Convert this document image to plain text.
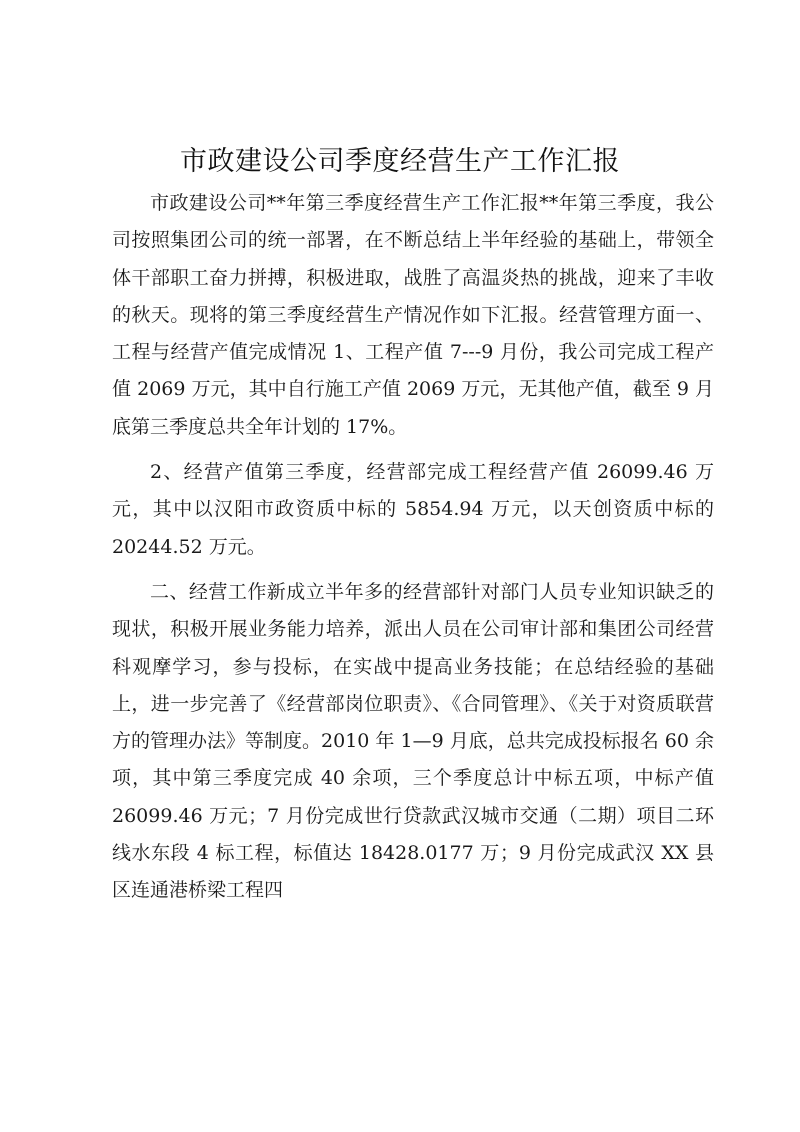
市政建设公司季度经营生产工作汇报

市政建设公司**年第三季度经营生产工作汇报**年第三季度，我公司按照集团公司的统一部署，在不断总结上半年经验的基础上，带领全体干部职工奋力拼搏，积极进取，战胜了高温炎热的挑战，迎来了丰收的秋天。现将的第三季度经营生产情况作如下汇报。经营管理方面一、工程与经营产值完成情况 1、工程产值 7---9 月份，我公司完成工程产值 2069 万元，其中自行施工产值 2069 万元，无其他产值，截至 9 月底第三季度总共全年计划的 17%。

2、经营产值第三季度，经营部完成工程经营产值 26099.46 万元，其中以汉阳市政资质中标的 5854.94 万元，以天创资质中标的 20244.52 万元。

二、经营工作新成立半年多的经营部针对部门人员专业知识缺乏的现状，积极开展业务能力培养，派出人员在公司审计部和集团公司经营科观摩学习，参与投标，在实战中提高业务技能；在总结经验的基础上，进一步完善了《经营部岗位职责》、《合同管理》、《关于对资质联营方的管理办法》等制度。2010 年 1—9 月底，总共完成投标报名 60 余项，其中第三季度完成 40 余项，三个季度总计中标五项，中标产值 26099.46 万元；7 月份完成世行贷款武汉城市交通（二期）项目二环线水东段 4 标工程，标值达 18428.0177 万；9 月份完成武汉 XX 县区连通港桥梁工程四
